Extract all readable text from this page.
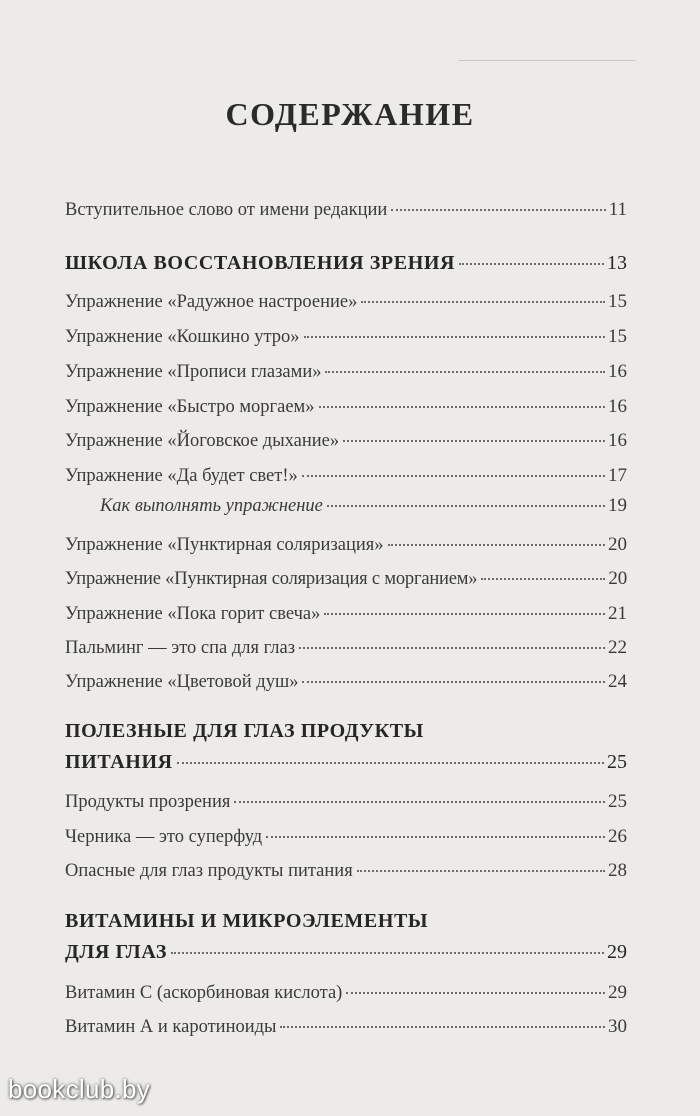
СОДЕРЖАНИЕ
Вступительное слово от имени редакции	11
ШКОЛА ВОССТАНОВЛЕНИЯ ЗРЕНИЯ	13
Упражнение «Радужное настроение»	15
Упражнение «Кошкино утро»	15
Упражнение «Прописи глазами»	16
Упражнение «Быстро моргаем»	16
Упражнение «Йоговское дыхание»	16
Упражнение «Да будет свет!»	17
Как выполнять упражнение	19
Упражнение «Пунктирная соляризация»	20
Упражнение «Пунктирная соляризация с морганием»	20
Упражнение «Пока горит свеча»	21
Пальминг — это спа для глаз	22
Упражнение «Цветовой душ»	24
ПОЛЕЗНЫЕ ДЛЯ ГЛАЗ ПРОДУКТЫ
ПИТАНИЯ	25
Продукты прозрения	25
Черника — это суперфуд	26
Опасные для глаз продукты питания	28
ВИТАМИНЫ И МИКРОЭЛЕМЕНТЫ
ДЛЯ ГЛАЗ	29
Витамин С (аскорбиновая кислота)	29
Витамин А и каротиноиды	30
bookclub.by
